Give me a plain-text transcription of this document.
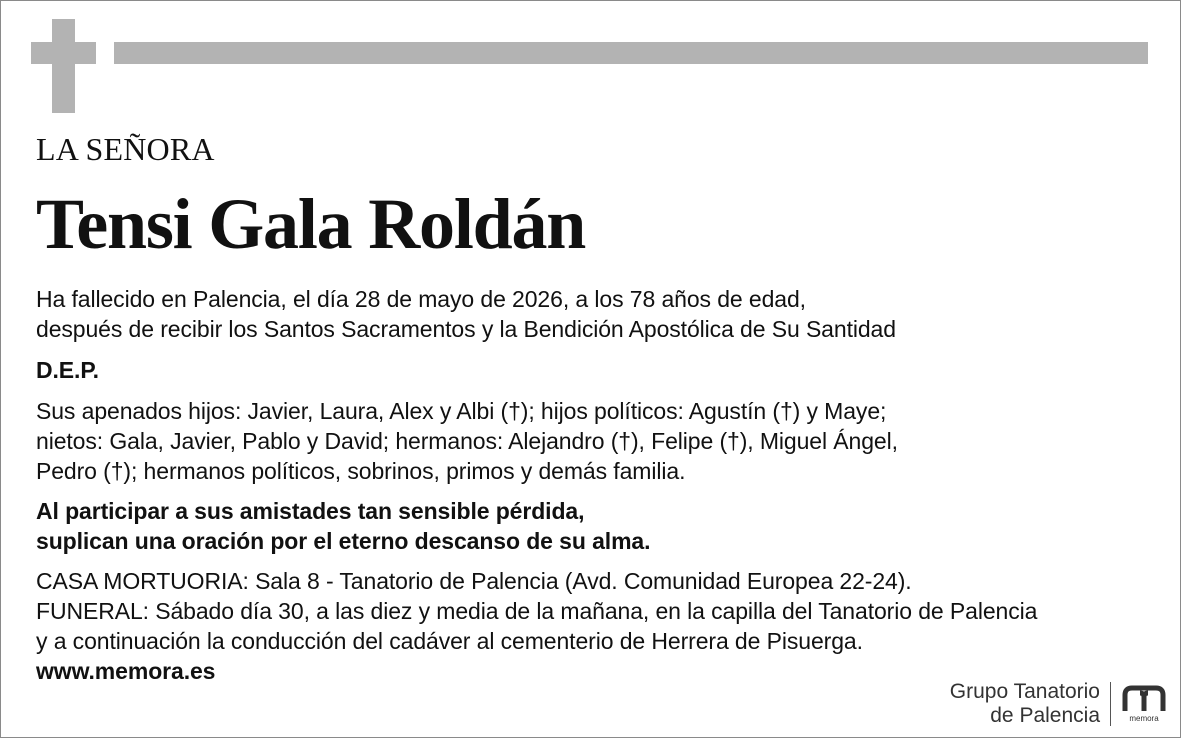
LA SEÑORA
Tensi Gala Roldán
Ha fallecido en Palencia, el día 28 de mayo de 2026, a los 78 años de edad,
después de recibir los Santos Sacramentos y la Bendición Apostólica de Su Santidad
D.E.P.
Sus apenados hijos: Javier, Laura, Alex y Albi (†); hijos políticos: Agustín (†) y Maye;
nietos: Gala, Javier, Pablo y David; hermanos: Alejandro (†), Felipe (†), Miguel Ángel,
Pedro (†); hermanos políticos, sobrinos, primos y demás familia.
Al participar a sus amistades tan sensible pérdida,
suplican una oración por el eterno descanso de su alma.
CASA MORTUORIA: Sala 8 - Tanatorio de Palencia (Avd. Comunidad Europea 22-24).
FUNERAL: Sábado día 30, a las diez y media de la mañana, en la capilla del Tanatorio de Palencia
y a continuación la conducción del cadáver al cementerio de Herrera de Pisuerga.
www.memora.es
Grupo Tanatorio
de Palencia	memora
